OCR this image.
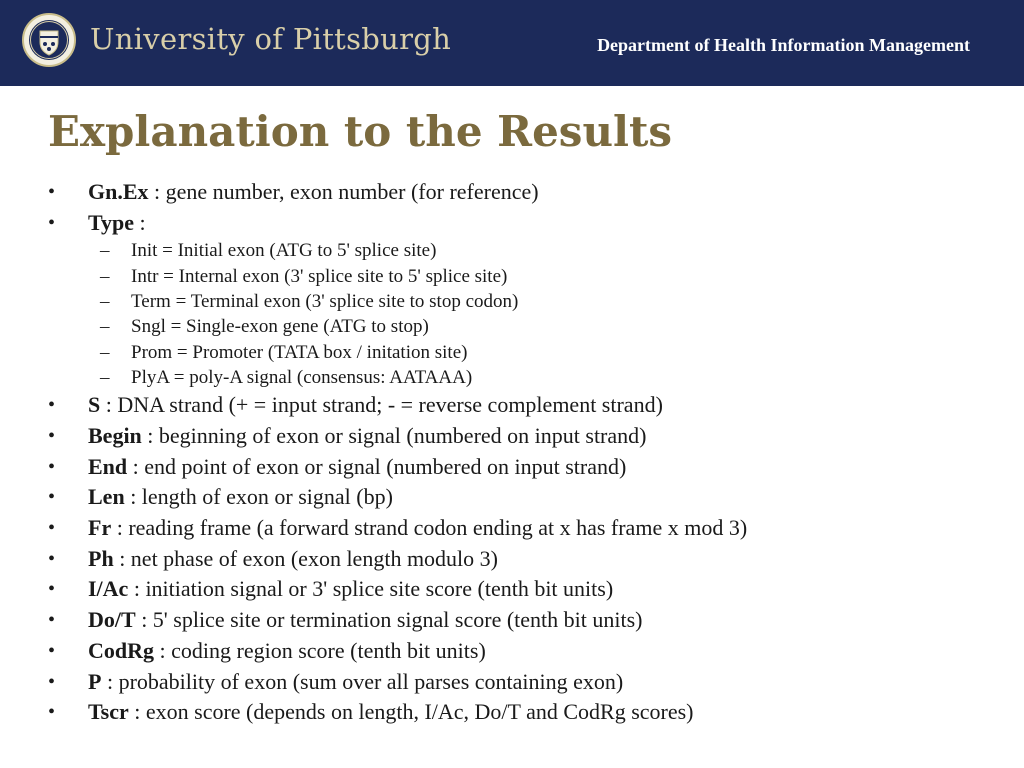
University of Pittsburgh	Department of Health Information Management
Explanation to the Results
• Gn.Ex : gene number, exon number (for reference)
• Type :
– Init = Initial exon (ATG to 5' splice site)
– Intr = Internal exon (3' splice site to 5' splice site)
– Term = Terminal exon (3' splice site to stop codon)
– Sngl = Single-exon gene (ATG to stop)
– Prom = Promoter (TATA box / initation site)
– PlyA = poly-A signal (consensus: AATAAA)
• S : DNA strand (+ = input strand; - = reverse complement strand)
• Begin : beginning of exon or signal (numbered on input strand)
• End : end point of exon or signal (numbered on input strand)
• Len : length of exon or signal (bp)
• Fr : reading frame (a forward strand codon ending at x has frame x mod 3)
• Ph : net phase of exon (exon length modulo 3)
• I/Ac : initiation signal or 3' splice site score (tenth bit units)
• Do/T : 5' splice site or termination signal score (tenth bit units)
• CodRg : coding region score (tenth bit units)
• P : probability of exon (sum over all parses containing exon)
• Tscr : exon score (depends on length, I/Ac, Do/T and CodRg scores)
